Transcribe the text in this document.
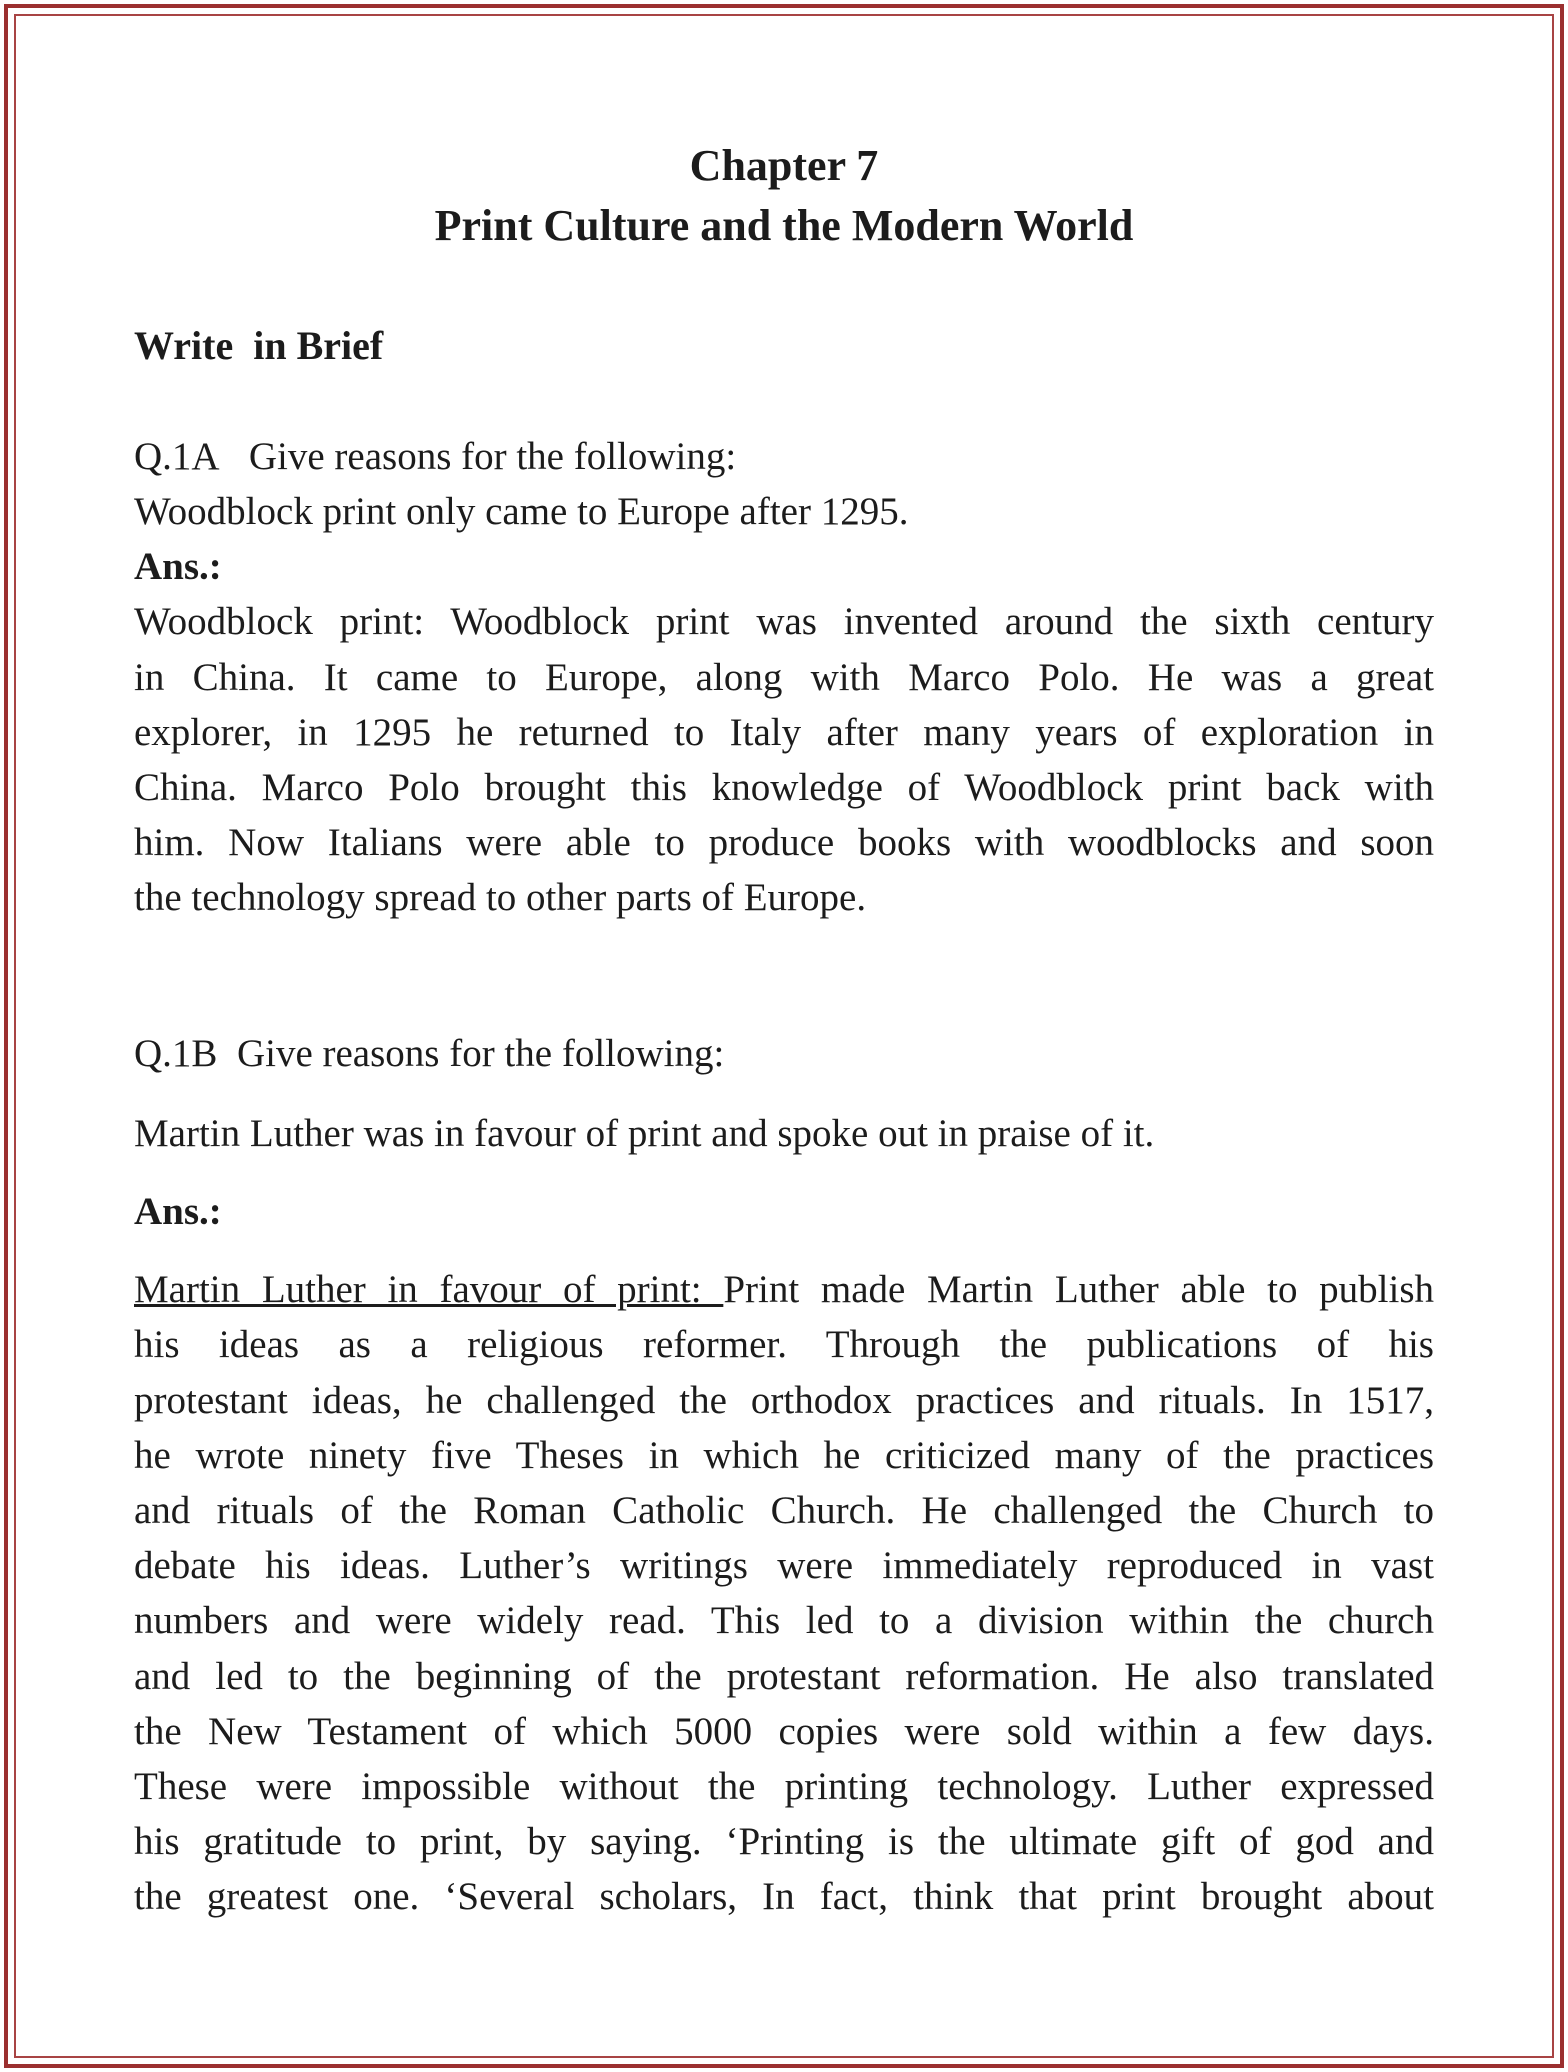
Chapter 7
Print Culture and the Modern World
Write  in Brief

Q.1A Give reasons for the following:

Woodblock print only came to Europe after 1295.

Ans.:

Woodblock print: Woodblock print was invented around the sixth century

in China. It came to Europe, along with Marco Polo. He was a great

explorer, in 1295 he returned to Italy after many years of exploration in

China. Marco Polo brought this knowledge of Woodblock print back with

him. Now Italians were able to produce books with woodblocks and soon

the technology spread to other parts of Europe.

Q.1B Give reasons for the following:

Martin Luther was in favour of print and spoke out in praise of it.

Ans.:

Martin Luther in favour of print: Print made Martin Luther able to publish

his ideas as a religious reformer. Through the publications of his

protestant ideas, he challenged the orthodox practices and rituals. In 1517,

he wrote ninety five Theses in which he criticized many of the practices

and rituals of the Roman Catholic Church. He challenged the Church to

debate his ideas. Luther’s writings were immediately reproduced in vast

numbers and were widely read. This led to a division within the church

and led to the beginning of the protestant reformation. He also translated

the New Testament of which 5000 copies were sold within a few days.

These were impossible without the printing technology. Luther expressed

his gratitude to print, by saying. ‘Printing is the ultimate gift of god and

the greatest one. ‘Several scholars, In fact, think that print brought about
